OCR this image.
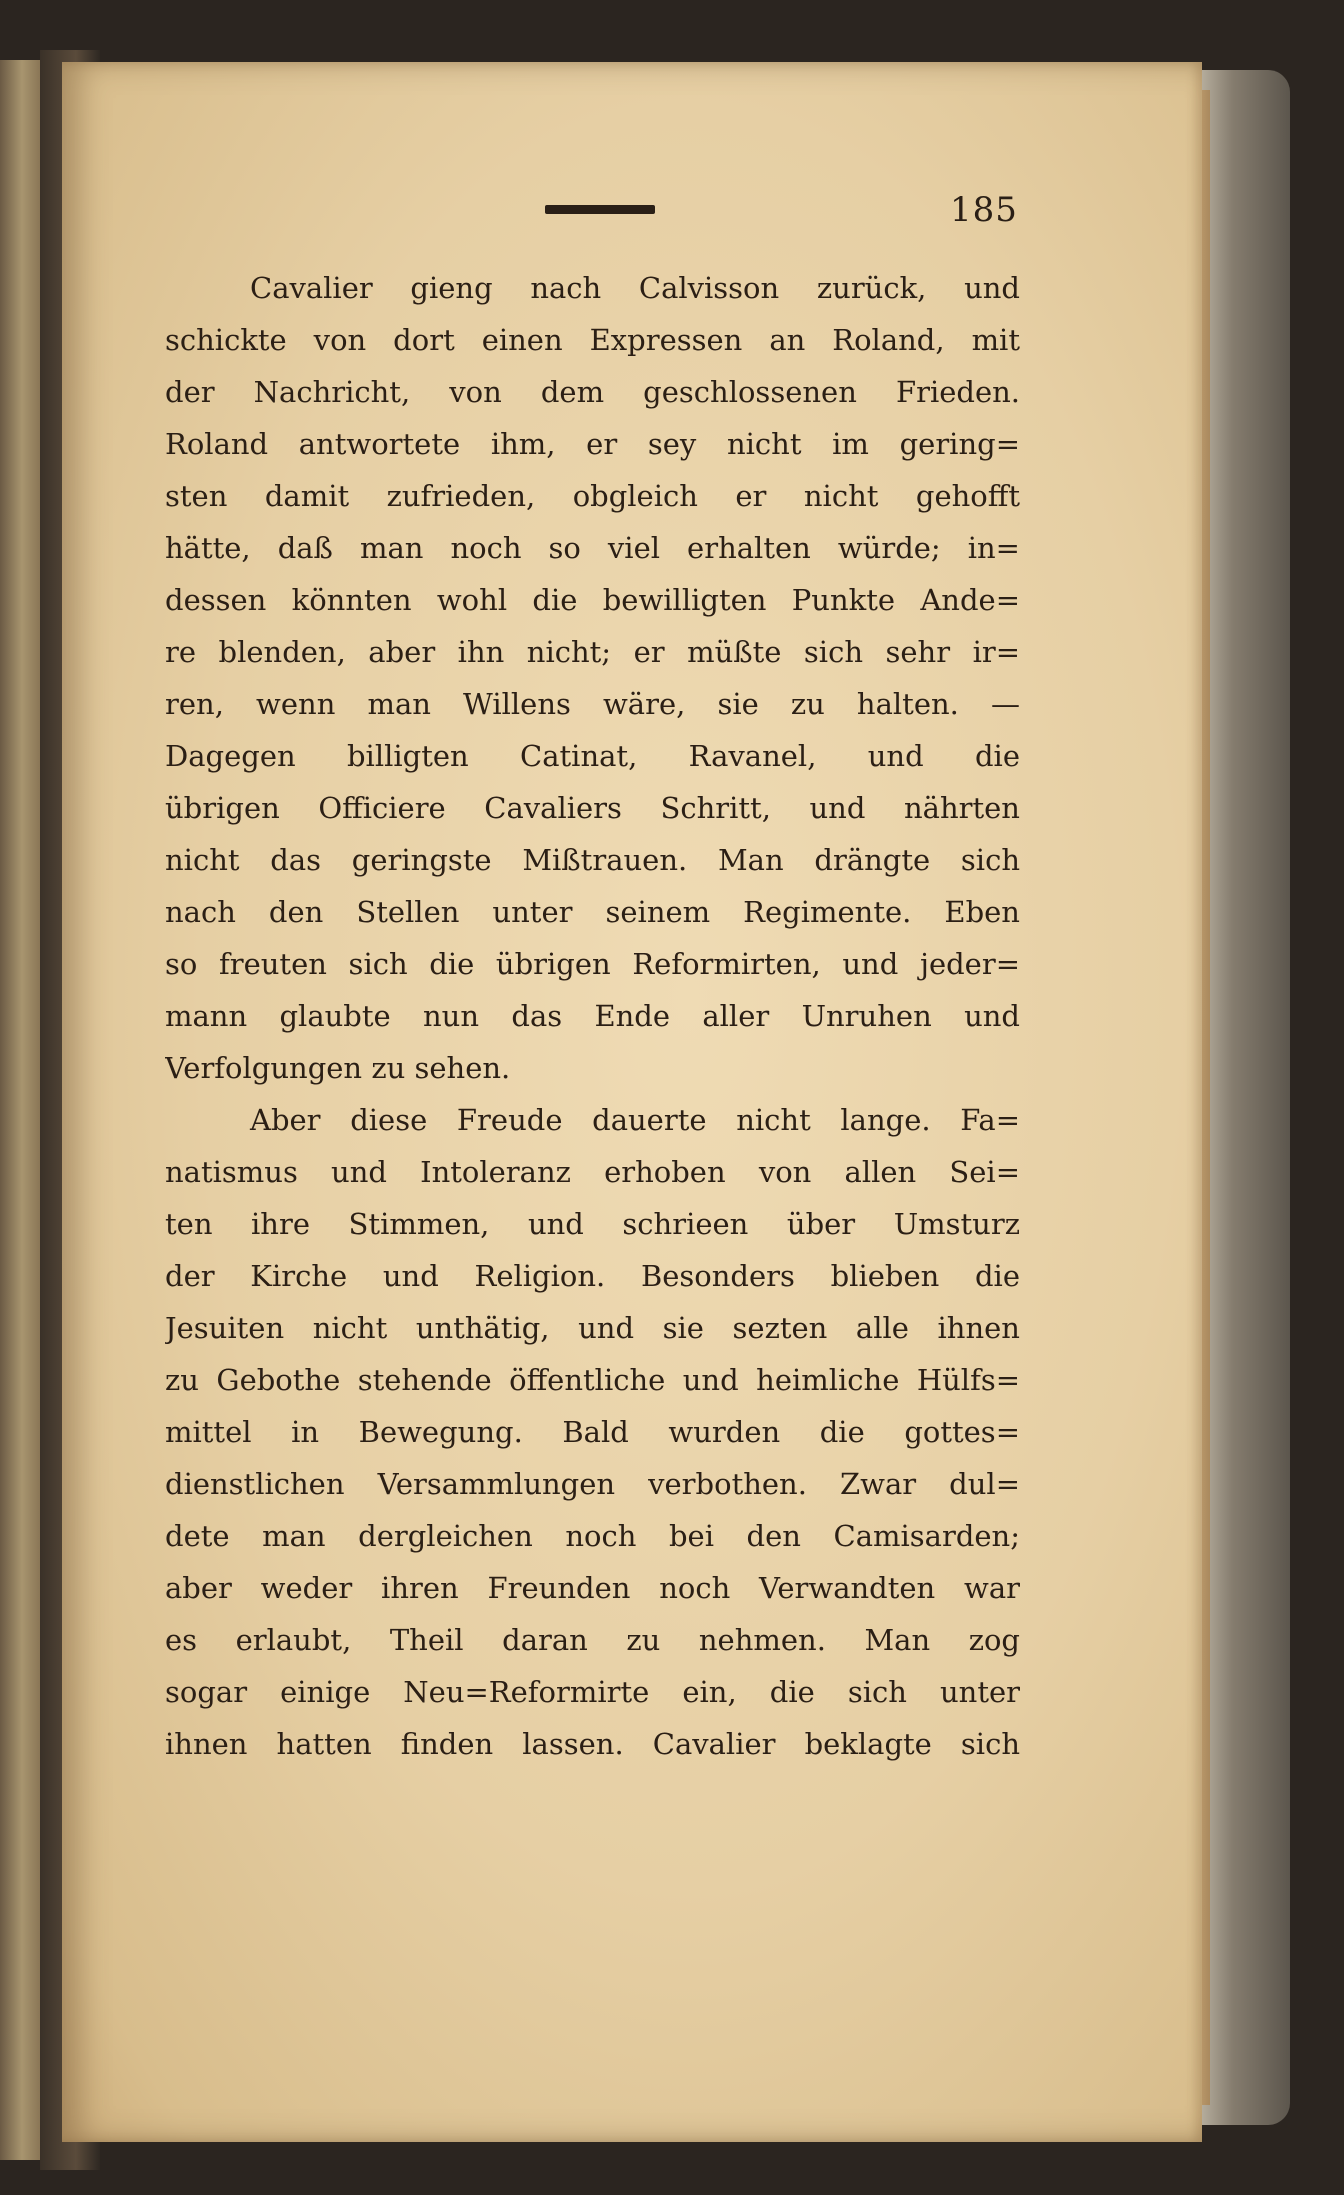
185
Cavalier gieng nach Calvisson zurück, und
schickte von dort einen Expressen an Roland, mit
der Nachricht, von dem geschlossenen Frieden.
Roland antwortete ihm, er sey nicht im gering=
sten damit zufrieden, obgleich er nicht gehofft
hätte, daß man noch so viel erhalten würde; in=
dessen könnten wohl die bewilligten Punkte Ande=
re blenden, aber ihn nicht; er müßte sich sehr ir=
ren, wenn man Willens wäre, sie zu halten. —
Dagegen billigten Catinat, Ravanel, und die
übrigen Officiere Cavaliers Schritt, und nährten
nicht das geringste Mißtrauen. Man drängte sich
nach den Stellen unter seinem Regimente. Eben
so freuten sich die übrigen Reformirten, und jeder=
mann glaubte nun das Ende aller Unruhen und
Verfolgungen zu sehen.
Aber diese Freude dauerte nicht lange. Fa=
natismus und Intoleranz erhoben von allen Sei=
ten ihre Stimmen, und schrieen über Umsturz
der Kirche und Religion. Besonders blieben die
Jesuiten nicht unthätig, und sie sezten alle ihnen
zu Gebothe stehende öffentliche und heimliche Hülfs=
mittel in Bewegung. Bald wurden die gottes=
dienstlichen Versammlungen verbothen. Zwar dul=
dete man dergleichen noch bei den Camisarden;
aber weder ihren Freunden noch Verwandten war
es erlaubt, Theil daran zu nehmen. Man zog
sogar einige Neu=Reformirte ein, die sich unter
ihnen hatten finden lassen. Cavalier beklagte sich
